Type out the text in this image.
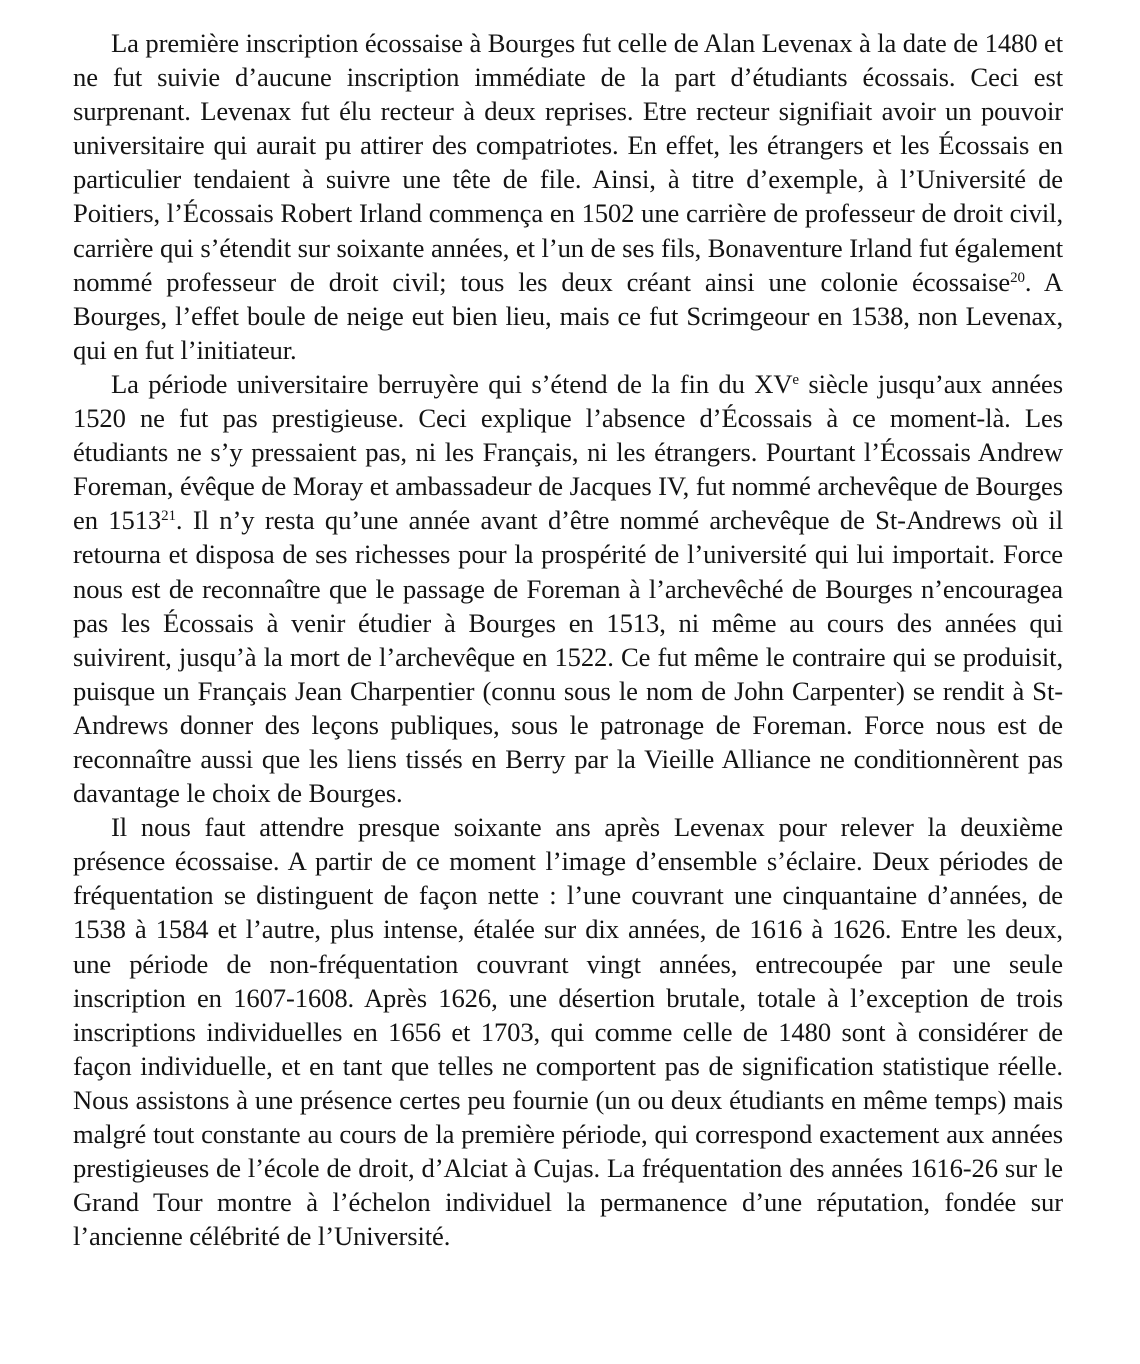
La première inscription écossaise à Bourges fut celle de Alan Levenax à la date de 1480 et ne fut suivie d’aucune inscription immédiate de la part d’étudiants écossais. Ceci est surprenant. Levenax fut élu recteur à deux reprises. Etre recteur signifiait avoir un pouvoir universitaire qui aurait pu attirer des compatriotes. En effet, les étrangers et les Écossais en particulier tendaient à suivre une tête de file. Ainsi, à titre d’exemple, à l’Université de Poitiers, l’Écossais Robert Irland commença en 1502 une carrière de professeur de droit civil, carrière qui s’étendit sur soixante années, et l’un de ses fils, Bonaventure Irland fut également nommé professeur de droit civil; tous les deux créant ainsi une colonie écossaise$^{20}$. A Bourges, l’effet boule de neige eut bien lieu, mais ce fut Scrimgeour en 1538, non Levenax, qui en fut l’initiateur.

La période universitaire berruyère qui s’étend de la fin du XVe siècle jusqu’aux années 1520 ne fut pas prestigieuse. Ceci explique l’absence d’Écossais à ce moment-là. Les étudiants ne s’y pressaient pas, ni les Français, ni les étrangers. Pourtant l’Écossais Andrew Foreman, évêque de Moray et ambassadeur de Jacques IV, fut nommé archevêque de Bourges en 1513$^{21}$. Il n’y resta qu’une année avant d’être nommé archevêque de St-Andrews où il retourna et disposa de ses richesses pour la prospérité de l’université qui lui importait. Force nous est de reconnaître que le passage de Foreman à l’archevêché de Bourges n’encouragea pas les Écossais à venir étudier à Bourges en 1513, ni même au cours des années qui suivirent, jusqu’à la mort de l’archevêque en 1522. Ce fut même le contraire qui se produisit, puisque un Français Jean Charpentier (connu sous le nom de John Carpenter) se rendit à St-Andrews donner des leçons publiques, sous le patronage de Foreman. Force nous est de reconnaître aussi que les liens tissés en Berry par la Vieille Alliance ne conditionnèrent pas davantage le choix de Bourges.

Il nous faut attendre presque soixante ans après Levenax pour relever la deuxième présence écossaise. A partir de ce moment l’image d’ensemble s’éclaire. Deux périodes de fréquentation se distinguent de façon nette : l’une couvrant une cinquantaine d’années, de 1538 à 1584 et l’autre, plus intense, étalée sur dix années, de 1616 à 1626. Entre les deux, une période de non-fréquentation couvrant vingt années, entrecoupée par une seule inscription en 1607-1608. Après 1626, une désertion brutale, totale à l’exception de trois inscriptions individuelles en 1656 et 1703, qui comme celle de 1480 sont à considérer de façon individuelle, et en tant que telles ne comportent pas de signification statistique réelle. Nous assistons à une présence certes peu fournie (un ou deux étudiants en même temps) mais malgré tout constante au cours de la première période, qui correspond exactement aux années prestigieuses de l’école de droit, d’Alciat à Cujas. La fréquentation des années 1616-26 sur le Grand Tour montre à l’échelon individuel la permanence d’une réputation, fondée sur l’ancienne célébrité de l’Université.
